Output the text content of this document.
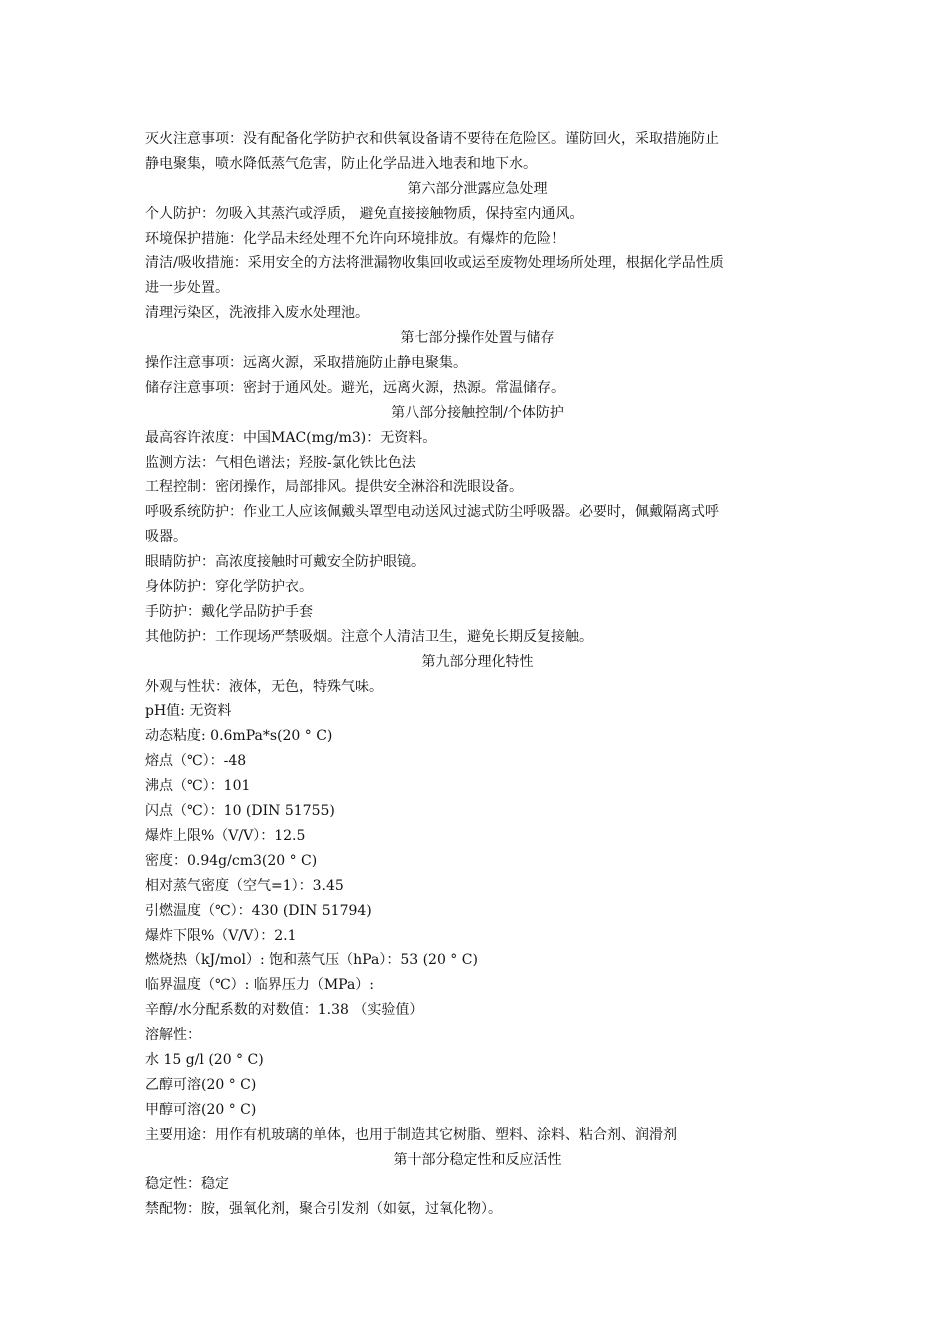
灭火注意事项：没有配备化学防护衣和供氧设备请不要待在危险区。谨防回火，采取措施防止
静电聚集，喷水降低蒸气危害，防止化学品进入地表和地下水。
第六部分泄露应急处理
个人防护：勿吸入其蒸汽或浮质， 避免直接接触物质，保持室内通风。
环境保护措施：化学品未经处理不允许向环境排放。有爆炸的危险！
清洁/吸收措施：采用安全的方法将泄漏物收集回收或运至废物处理场所处理，根据化学品性质
进一步处置。
清理污染区，洗液排入废水处理池。
第七部分操作处置与储存
操作注意事项：远离火源，采取措施防止静电聚集。
储存注意事项：密封于通风处。避光，远离火源，热源。常温储存。
第八部分接触控制/个体防护
最高容许浓度：中国MAC(mg/m3)：无资料。
监测方法：气相色谱法；羟胺-氯化铁比色法
工程控制：密闭操作，局部排风。提供安全淋浴和洗眼设备。
呼吸系统防护：作业工人应该佩戴头罩型电动送风过滤式防尘呼吸器。必要时，佩戴隔离式呼
吸器。
眼睛防护：高浓度接触时可戴安全防护眼镜。
身体防护：穿化学防护衣。
手防护：戴化学品防护手套
其他防护：工作现场严禁吸烟。注意个人清洁卫生，避免长期反复接触。
第九部分理化特性
外观与性状：液体，无色，特殊气味。
pH值: 无资料
动态粘度: 0.6mPa*s(20 ° C)
熔点（℃）：-48
沸点（℃）：101
闪点（℃）：10 (DIN 51755)
爆炸上限%（V/V）：12.5
密度：0.94g/cm3(20 ° C)
相对蒸气密度（空气=1）：3.45
引燃温度（℃）：430 (DIN 51794)
爆炸下限%（V/V）：2.1
燃烧热（kJ/mol）: 饱和蒸气压（hPa）：53 (20 ° C)
临界温度（℃）: 临界压力（MPa）:
辛醇/水分配系数的对数值：1.38 （实验值）
溶解性：
水 15 g/l (20 ° C)
乙醇可溶(20 ° C)
甲醇可溶(20 ° C)
主要用途：用作有机玻璃的单体，也用于制造其它树脂、塑料、涂料、粘合剂、润滑剂
第十部分稳定性和反应活性
稳定性：稳定
禁配物：胺，强氧化剂，聚合引发剂（如氨，过氧化物）。
